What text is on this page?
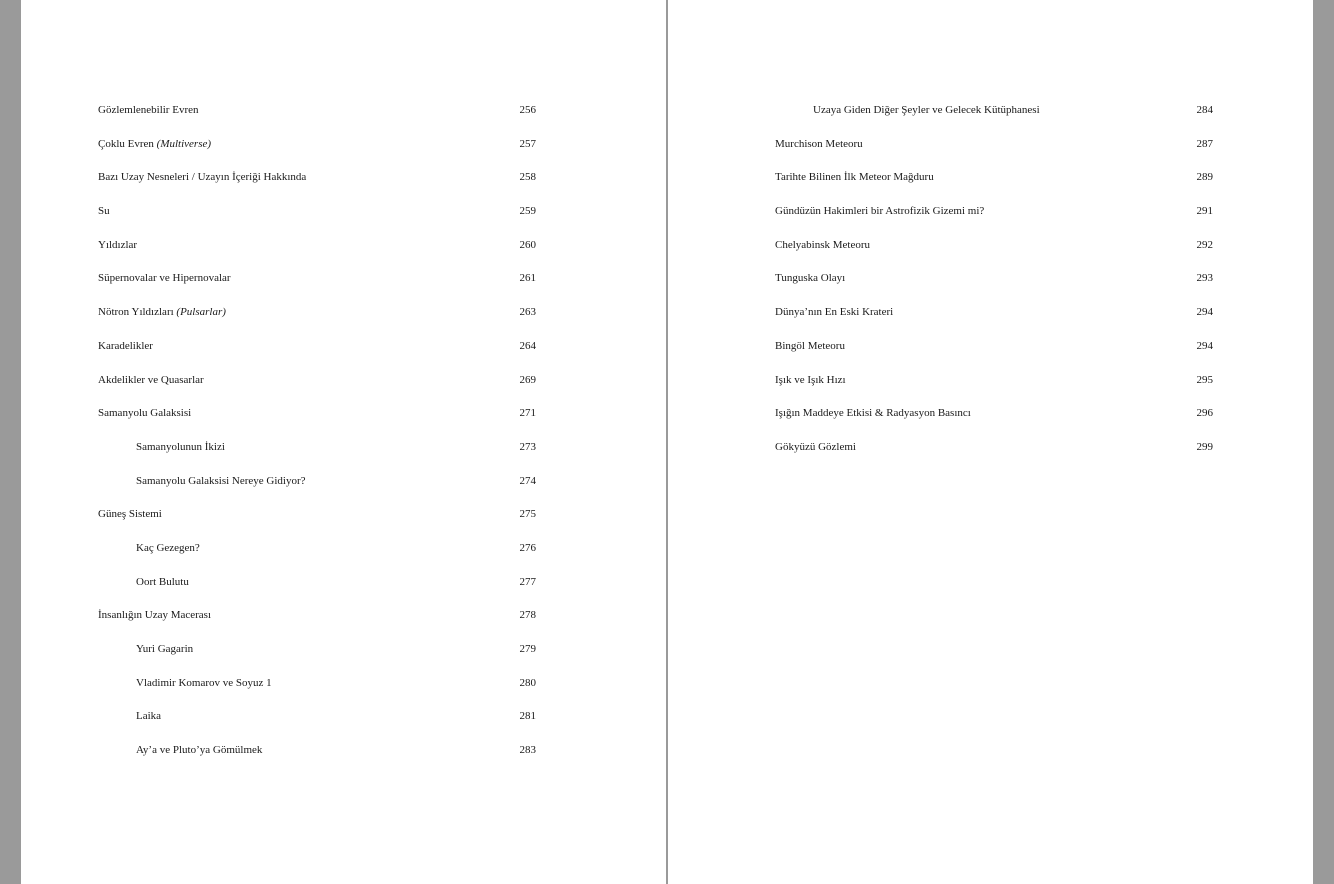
Gözlemlenebilir Evren	256
Çoklu Evren (Multiverse)	257
Bazı Uzay Nesneleri / Uzayın İçeriği Hakkında	258
Su	259
Yıldızlar	260
Süpernovalar ve Hipernovalar	261
Nötron Yıldızları (Pulsarlar)	263
Karadelikler	264
Akdelikler ve Quasarlar	269
Samanyolu Galaksisi	271
Samanyolunun İkizi	273
Samanyolu Galaksisi Nereye Gidiyor?	274
Güneş Sistemi	275
Kaç Gezegen?	276
Oort Bulutu	277
İnsanlığın Uzay Macerası	278
Yuri Gagarin	279
Vladimir Komarov ve Soyuz 1	280
Laika	281
Ay’a ve Pluto’ya Gömülmek	283
Uzaya Giden Diğer Şeyler ve Gelecek Kütüphanesi	284
Murchison Meteoru	287
Tarihte Bilinen İlk Meteor Mağduru	289
Gündüzün Hakimleri bir Astrofizik Gizemi mi?	291
Chelyabinsk Meteoru	292
Tunguska Olayı	293
Dünya’nın En Eski Krateri	294
Bingöl Meteoru	294
Işık ve Işık Hızı	295
Işığın Maddeye Etkisi & Radyasyon Basıncı	296
Gökyüzü Gözlemi	299
